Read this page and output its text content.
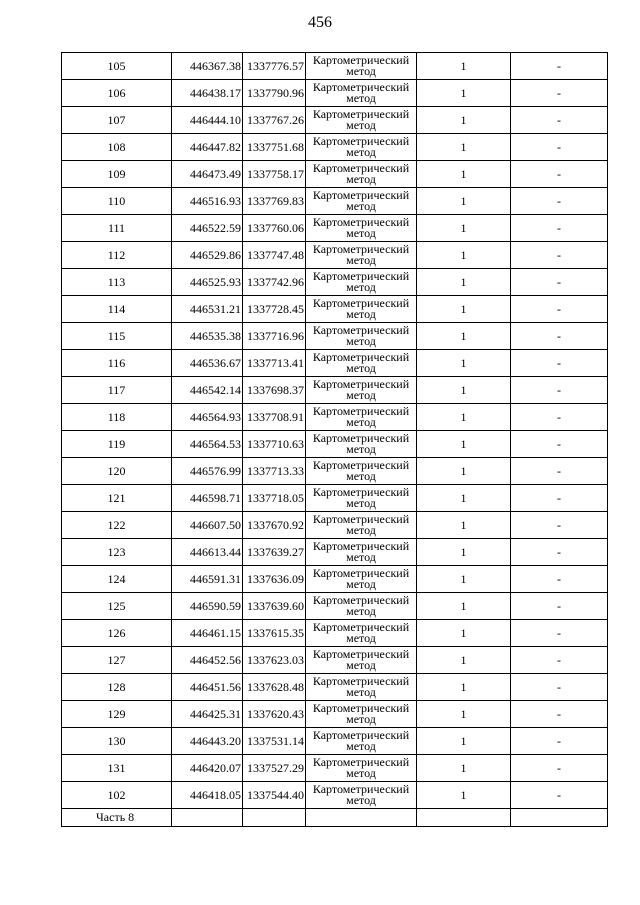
456
105	446367.38	1337776.57	Картометрический метод	1	-
106	446438.17	1337790.96	Картометрический метод	1	-
107	446444.10	1337767.26	Картометрический метод	1	-
108	446447.82	1337751.68	Картометрический метод	1	-
109	446473.49	1337758.17	Картометрический метод	1	-
110	446516.93	1337769.83	Картометрический метод	1	-
111	446522.59	1337760.06	Картометрический метод	1	-
112	446529.86	1337747.48	Картометрический метод	1	-
113	446525.93	1337742.96	Картометрический метод	1	-
114	446531.21	1337728.45	Картометрический метод	1	-
115	446535.38	1337716.96	Картометрический метод	1	-
116	446536.67	1337713.41	Картометрический метод	1	-
117	446542.14	1337698.37	Картометрический метод	1	-
118	446564.93	1337708.91	Картометрический метод	1	-
119	446564.53	1337710.63	Картометрический метод	1	-
120	446576.99	1337713.33	Картометрический метод	1	-
121	446598.71	1337718.05	Картометрический метод	1	-
122	446607.50	1337670.92	Картометрический метод	1	-
123	446613.44	1337639.27	Картометрический метод	1	-
124	446591.31	1337636.09	Картометрический метод	1	-
125	446590.59	1337639.60	Картометрический метод	1	-
126	446461.15	1337615.35	Картометрический метод	1	-
127	446452.56	1337623.03	Картометрический метод	1	-
128	446451.56	1337628.48	Картометрический метод	1	-
129	446425.31	1337620.43	Картометрический метод	1	-
130	446443.20	1337531.14	Картометрический метод	1	-
131	446420.07	1337527.29	Картометрический метод	1	-
102	446418.05	1337544.40	Картометрический метод	1	-
Часть 8					
